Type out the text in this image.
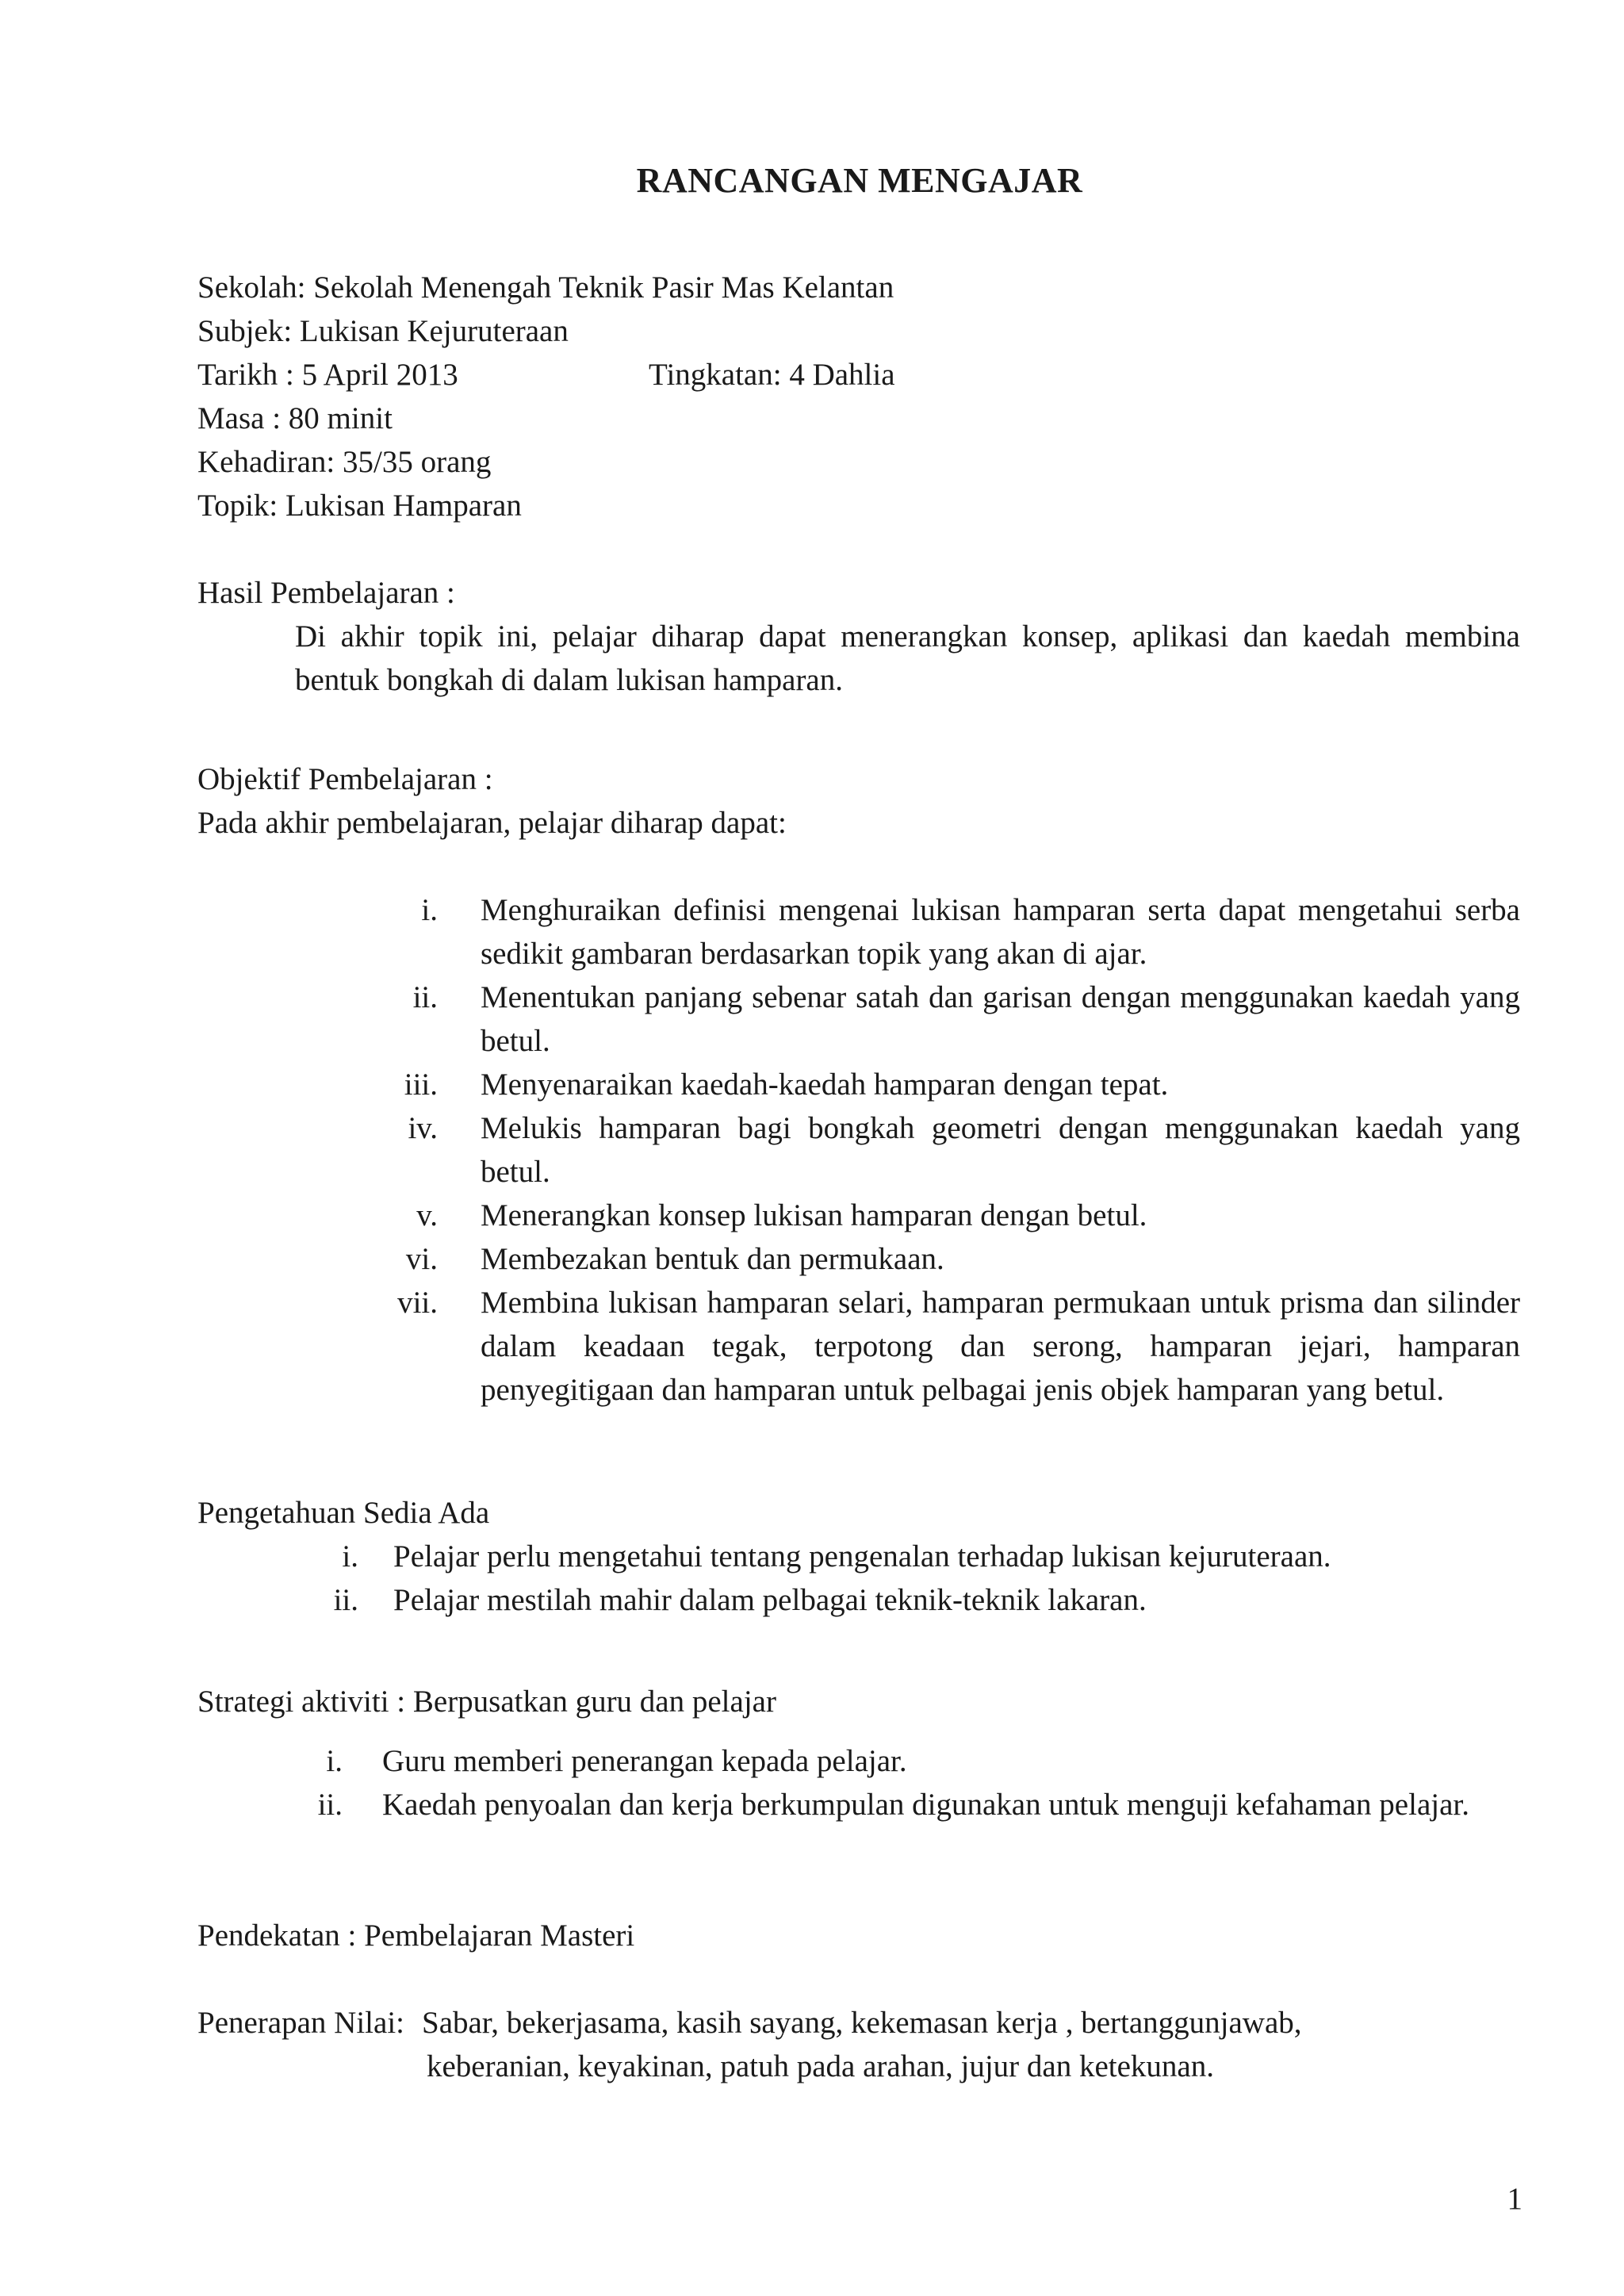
RANCANGAN MENGAJAR
Sekolah: Sekolah Menengah Teknik Pasir Mas Kelantan
Subjek: Lukisan Kejuruteraan
Tarikh : 5 April 2013	Tingkatan: 4 Dahlia
Masa : 80 minit
Kehadiran: 35/35 orang
Topik: Lukisan Hamparan
Hasil Pembelajaran :
Di akhir topik ini, pelajar diharap dapat menerangkan konsep, aplikasi dan kaedah membina bentuk bongkah di dalam lukisan hamparan.
Objektif Pembelajaran :
Pada akhir pembelajaran, pelajar diharap dapat:
i. Menghuraikan definisi mengenai lukisan hamparan serta dapat mengetahui serba sedikit gambaran berdasarkan topik yang akan di ajar.
ii. Menentukan panjang sebenar satah dan garisan dengan menggunakan kaedah yang betul.
iii. Menyenaraikan kaedah-kaedah hamparan dengan tepat.
iv. Melukis hamparan bagi bongkah geometri dengan menggunakan kaedah yang betul.
v. Menerangkan konsep lukisan hamparan dengan betul.
vi. Membezakan bentuk dan permukaan.
vii. Membina lukisan hamparan selari, hamparan permukaan untuk prisma dan silinder dalam keadaan tegak, terpotong dan serong, hamparan jejari, hamparan penyegitigaan dan hamparan untuk pelbagai jenis objek hamparan yang betul.
Pengetahuan Sedia Ada
i. Pelajar perlu mengetahui tentang pengenalan terhadap lukisan kejuruteraan.
ii. Pelajar mestilah mahir dalam pelbagai teknik-teknik lakaran.
Strategi aktiviti : Berpusatkan guru dan pelajar
i. Guru memberi penerangan kepada pelajar.
ii. Kaedah penyoalan dan kerja berkumpulan digunakan untuk menguji kefahaman pelajar.
Pendekatan : Pembelajaran Masteri
Penerapan Nilai: Sabar, bekerjasama, kasih sayang, kekemasan kerja , bertanggunjawab,
keberanian, keyakinan, patuh pada arahan, jujur dan ketekunan.
1
